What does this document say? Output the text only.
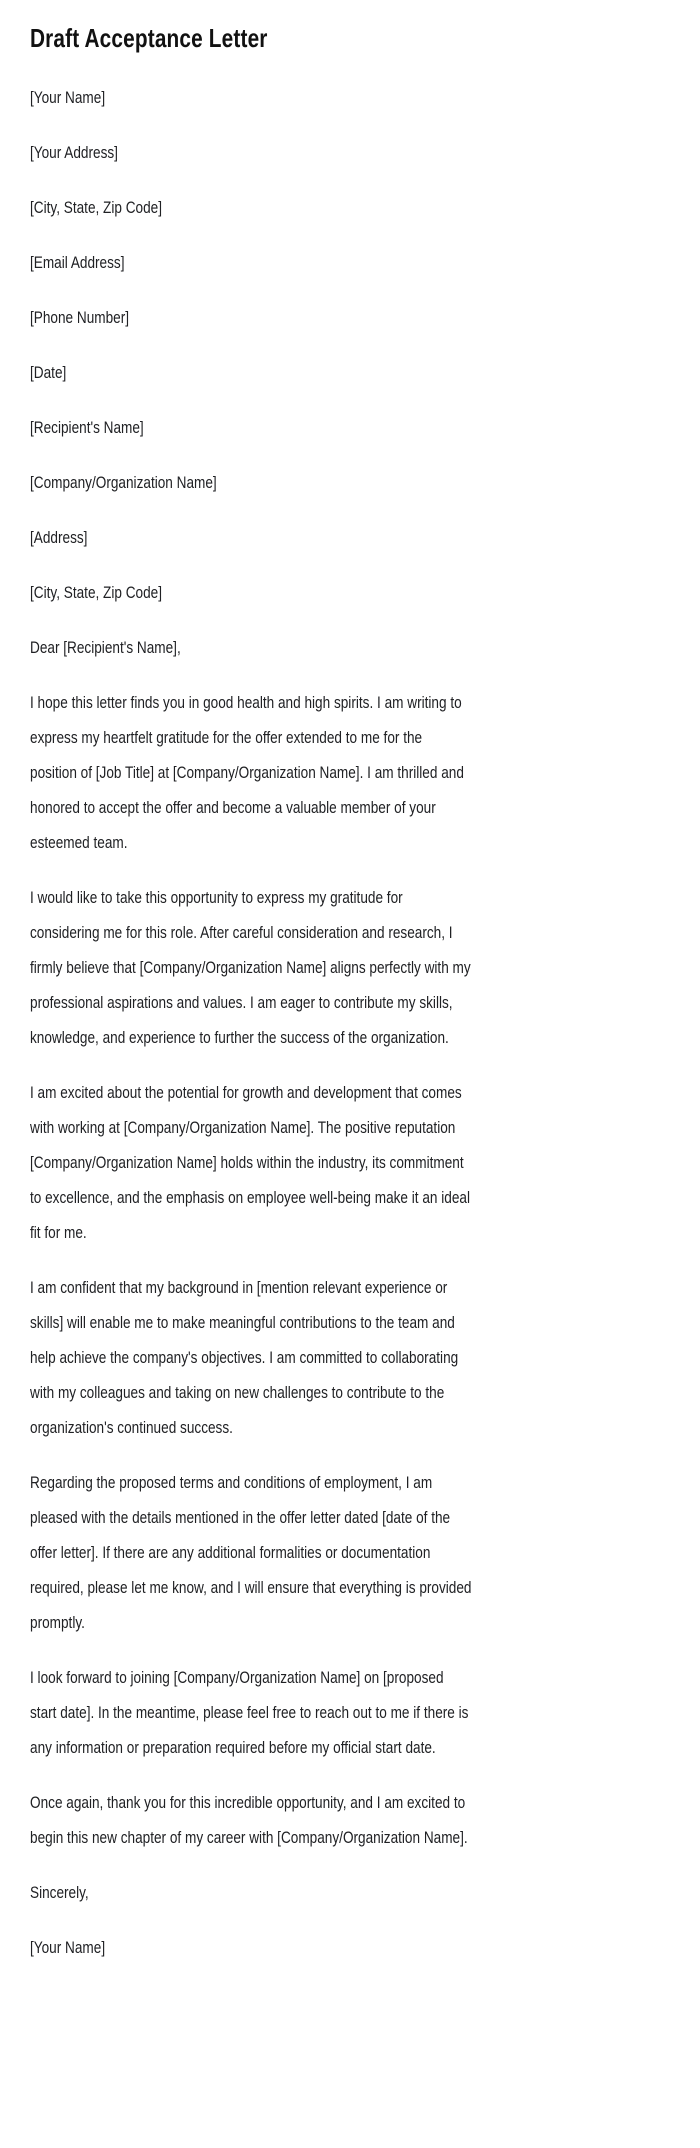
Draft Acceptance Letter

[Your Name]

[Your Address]

[City, State, Zip Code]

[Email Address]

[Phone Number]

[Date]

[Recipient's Name]

[Company/Organization Name]

[Address]

[City, State, Zip Code]

Dear [Recipient's Name],

I hope this letter finds you in good health and high spirits. I am writing to express my heartfelt gratitude for the offer extended to me for the position of [Job Title] at [Company/Organization Name]. I am thrilled and honored to accept the offer and become a valuable member of your esteemed team.

I would like to take this opportunity to express my gratitude for considering me for this role. After careful consideration and research, I firmly believe that [Company/Organization Name] aligns perfectly with my professional aspirations and values. I am eager to contribute my skills, knowledge, and experience to further the success of the organization.

I am excited about the potential for growth and development that comes with working at [Company/Organization Name]. The positive reputation [Company/Organization Name] holds within the industry, its commitment to excellence, and the emphasis on employee well-being make it an ideal fit for me.

I am confident that my background in [mention relevant experience or skills] will enable me to make meaningful contributions to the team and help achieve the company's objectives. I am committed to collaborating with my colleagues and taking on new challenges to contribute to the organization's continued success.

Regarding the proposed terms and conditions of employment, I am pleased with the details mentioned in the offer letter dated [date of the offer letter]. If there are any additional formalities or documentation required, please let me know, and I will ensure that everything is provided promptly.

I look forward to joining [Company/Organization Name] on [proposed start date]. In the meantime, please feel free to reach out to me if there is any information or preparation required before my official start date.

Once again, thank you for this incredible opportunity, and I am excited to begin this new chapter of my career with [Company/Organization Name].

Sincerely,

[Your Name]
